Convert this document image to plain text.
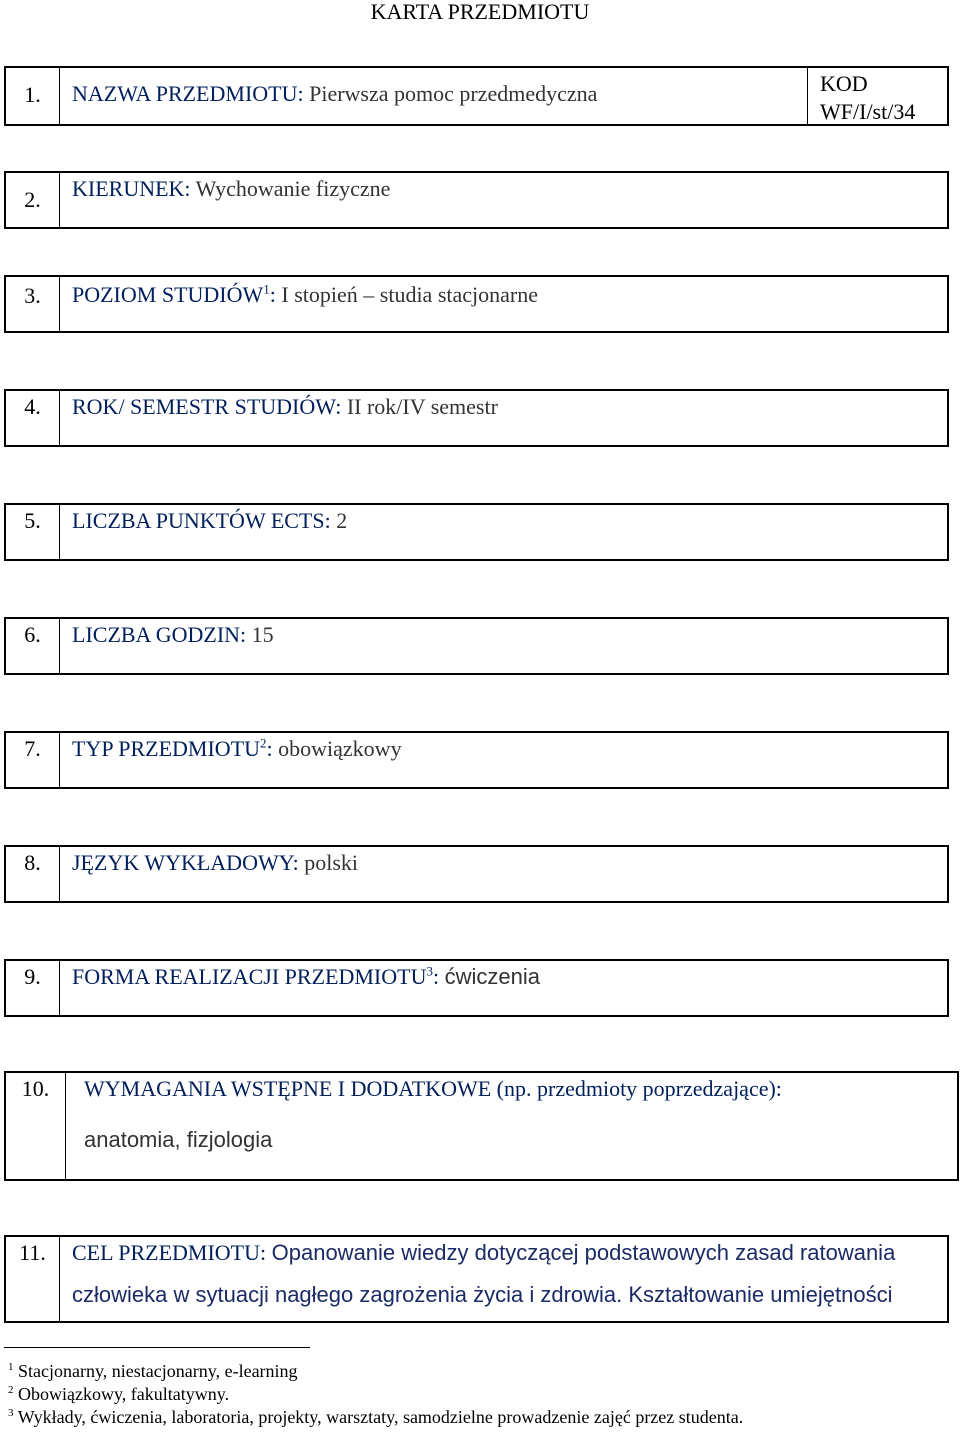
KARTA PRZEDMIOTU
1.	NAZWA PRZEDMIOTU: Pierwsza pomoc przedmedyczna	KOD
WF/I/st/34
2.	KIERUNEK: Wychowanie fizyczne
3.	POZIOM STUDIÓW$^1$: I stopień – studia stacjonarne
4.	ROK/ SEMESTR STUDIÓW: II rok/IV semestr
5.	LICZBA PUNKTÓW ECTS: 2
6.	LICZBA GODZIN: 15
7.	TYP PRZEDMIOTU$^2$: obowiązkowy
8.	JĘZYK WYKŁADOWY: polski
9.	FORMA REALIZACJI PRZEDMIOTU$^3$: ćwiczenia
10.	WYMAGANIA WSTĘPNE I DODATKOWE (np. przedmioty poprzedzające):
anatomia, fizjologia
11.	CEL PRZEDMIOTU: Opanowanie wiedzy dotyczącej podstawowych zasad ratowania
człowieka w sytuacji nagłego zagrożenia życia i zdrowia. Kształtowanie umiejętności
$^1$ Stacjonarny, niestacjonarny, e-learning
$^2$ Obowiązkowy, fakultatywny.
$^3$ Wykłady, ćwiczenia, laboratoria, projekty, warsztaty, samodzielne prowadzenie zajęć przez studenta.
